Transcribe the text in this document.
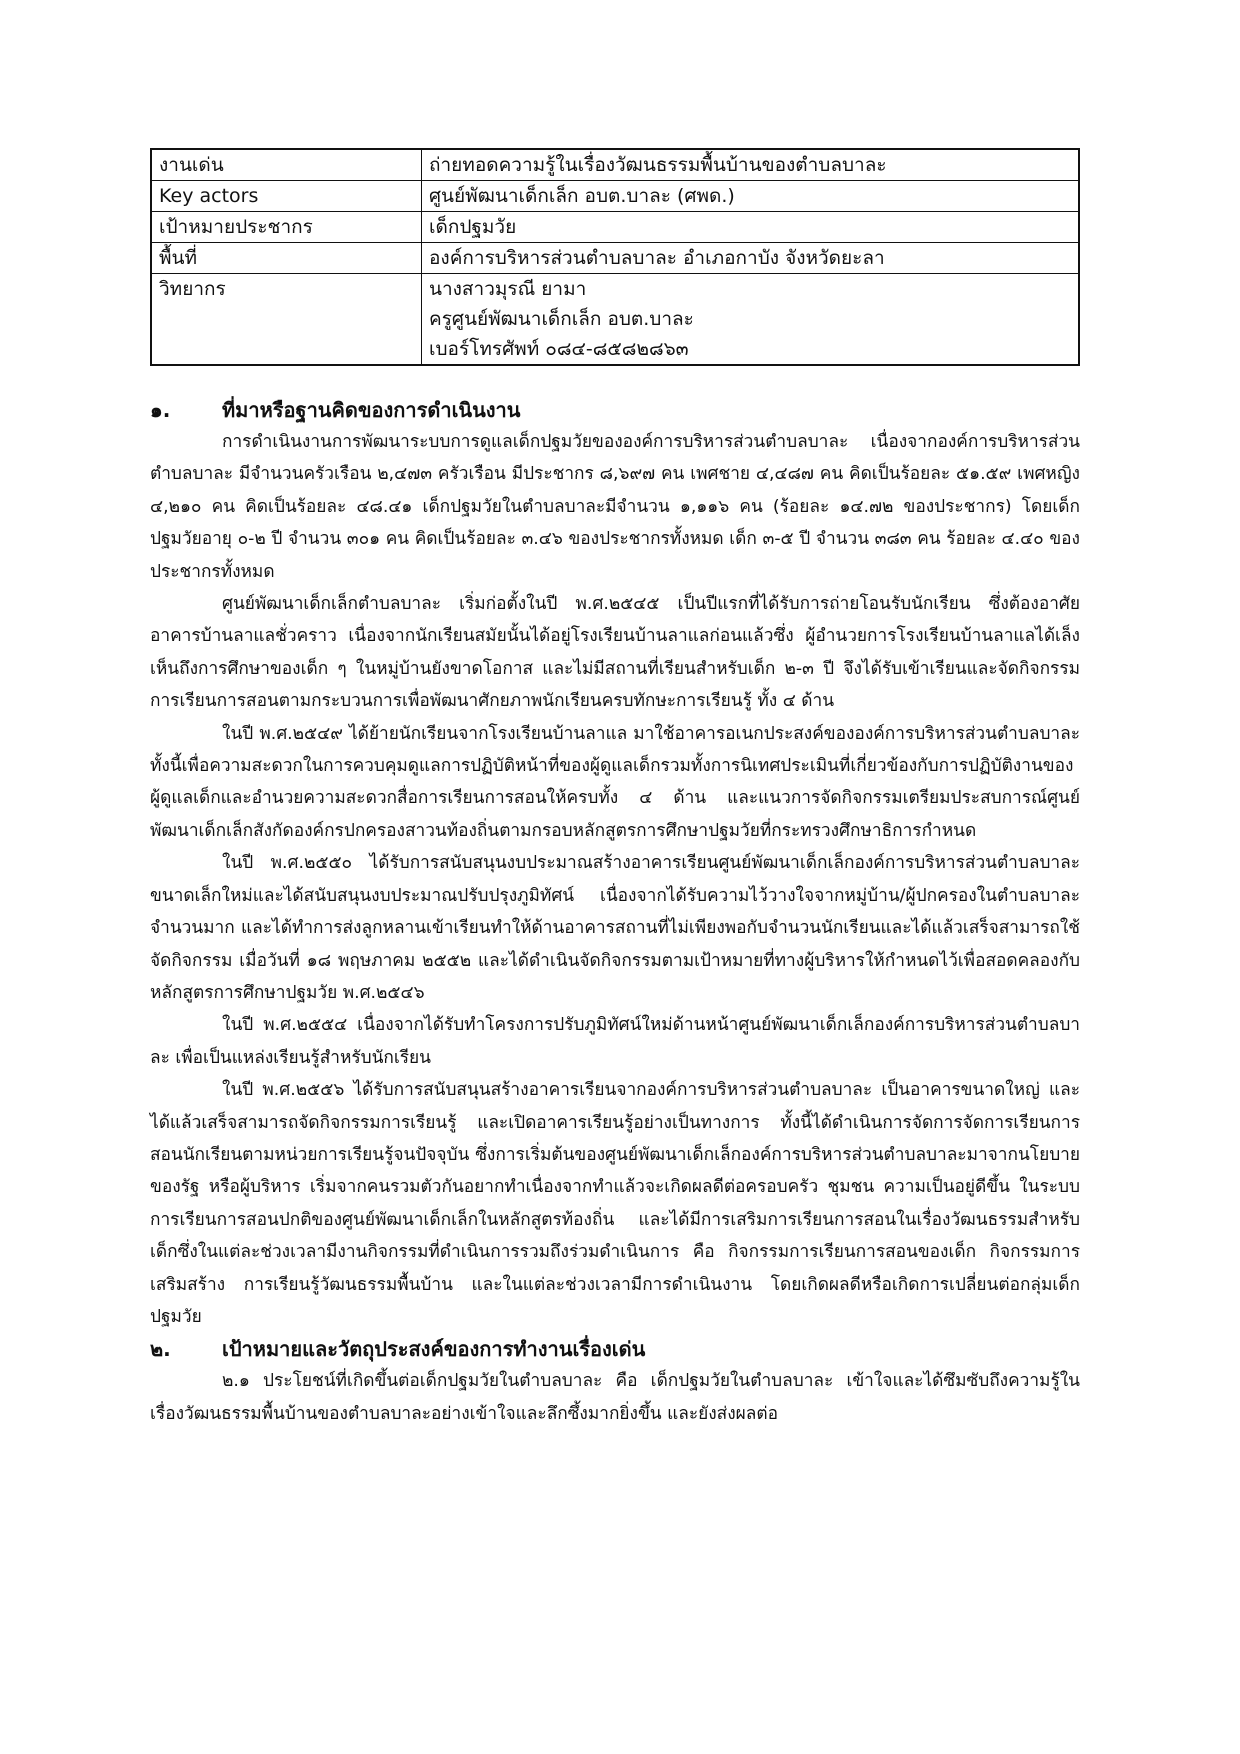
งานเด่น	ถ่ายทอดความรู้ในเรื่องวัฒนธรรมพื้นบ้านของตำบลบาละ
Key actors	ศูนย์พัฒนาเด็กเล็ก อบต.บาละ (ศพด.)
เป้าหมายประชากร	เด็กปฐมวัย
พื้นที่	องค์การบริหารส่วนตำบลบาละ อำเภอกาบัง จังหวัดยะลา
วิทยากร	นางสาวมุรณี ยามา
ครูศูนย์พัฒนาเด็กเล็ก อบต.บาละ
เบอร์โทรศัพท์ ๐๘๔-๘๕๘๒๘๖๓
๑.	ที่มาหรือฐานคิดของการดำเนินงาน

การดำเนินงานการพัฒนาระบบการดูแลเด็กปฐมวัยขององค์การบริหารส่วนตำบลบาละ เนื่องจากองค์การบริหารส่วนตำบลบาละ มีจำนวนครัวเรือน ๒,๔๗๓ ครัวเรือน มีประชากร ๘,๖๙๗ คน เพศชาย ๔,๔๘๗ คน คิดเป็นร้อยละ ๕๑.๕๙ เพศหญิง ๔,๒๑๐ คน คิดเป็นร้อยละ ๔๘.๔๑ เด็กปฐมวัยในตำบลบาละมีจำนวน ๑,๑๑๖ คน (ร้อยละ ๑๔.๗๒ ของประชากร) โดยเด็กปฐมวัยอายุ ๐-๒ ปี จำนวน ๓๐๑ คน คิดเป็นร้อยละ ๓.๔๖ ของประชากรทั้งหมด เด็ก ๓-๕ ปี จำนวน ๓๘๓ คน ร้อยละ ๔.๔๐ ของประชากรทั้งหมด

ศูนย์พัฒนาเด็กเล็กตำบลบาละ เริ่มก่อตั้งในปี พ.ศ.๒๕๔๕ เป็นปีแรกที่ได้รับการถ่ายโอนรับนักเรียน ซึ่งต้องอาศัยอาคารบ้านลาแลชั่วคราว เนื่องจากนักเรียนสมัยนั้นได้อยู่โรงเรียนบ้านลาแลก่อนแล้วซึ่ง ผู้อำนวยการโรงเรียนบ้านลาแลได้เล็งเห็นถึงการศึกษาของเด็ก ๆ ในหมู่บ้านยังขาดโอกาส และไม่มีสถานที่เรียนสำหรับเด็ก ๒-๓ ปี จึงได้รับเข้าเรียนและจัดกิจกรรมการเรียนการสอนตามกระบวนการเพื่อพัฒนาศักยภาพนักเรียนครบทักษะการเรียนรู้ ทั้ง ๔ ด้าน

ในปี พ.ศ.๒๕๔๙ ได้ย้ายนักเรียนจากโรงเรียนบ้านลาแล มาใช้อาคารอเนกประสงค์ขององค์การบริหารส่วนตำบลบาละ ทั้งนี้เพื่อความสะดวกในการควบคุมดูแลการปฏิบัติหน้าที่ของผู้ดูแลเด็กรวมทั้งการนิเทศประเมินที่เกี่ยวข้องกับการปฏิบัติงานของผู้ดูแลเด็กและอำนวยความสะดวกสื่อการเรียนการสอนให้ครบทั้ง ๔ ด้าน และแนวการจัดกิจกรรมเตรียมประสบการณ์ศูนย์พัฒนาเด็กเล็กสังกัดองค์กรปกครองสาวนท้องถิ่นตามกรอบหลักสูตรการศึกษาปฐมวัยที่กระทรวงศึกษาธิการกำหนด

ในปี พ.ศ.๒๕๕๐ ได้รับการสนับสนุนงบประมาณสร้างอาคารเรียนศูนย์พัฒนาเด็กเล็กองค์การบริหารส่วนตำบลบาละขนาดเล็กใหม่และได้สนับสนุนงบประมาณปรับปรุงภูมิทัศน์ เนื่องจากได้รับความไว้วางใจจากหมู่บ้าน/ผู้ปกครองในตำบลบาละจำนวนมาก และได้ทำการส่งลูกหลานเข้าเรียนทำให้ด้านอาคารสถานที่ไม่เพียงพอกับจำนวนนักเรียนและได้แล้วเสร็จสามารถใช้จัดกิจกรรม เมื่อวันที่ ๑๘ พฤษภาคม ๒๕๕๒ และได้ดำเนินจัดกิจกรรมตามเป้าหมายที่ทางผู้บริหารให้กำหนดไว้เพื่อสอดคลองกับหลักสูตรการศึกษาปฐมวัย พ.ศ.๒๕๔๖

ในปี พ.ศ.๒๕๕๔ เนื่องจากได้รับทำโครงการปรับภูมิทัศน์ใหม่ด้านหน้าศูนย์พัฒนาเด็กเล็กองค์การบริหารส่วนตำบลบาละ เพื่อเป็นแหล่งเรียนรู้สำหรับนักเรียน

ในปี พ.ศ.๒๕๕๖ ได้รับการสนับสนุนสร้างอาคารเรียนจากองค์การบริหารส่วนตำบลบาละ เป็นอาคารขนาดใหญ่ และได้แล้วเสร็จสามารถจัดกิจกรรมการเรียนรู้ และเปิดอาคารเรียนรู้อย่างเป็นทางการ ทั้งนี้ได้ดำเนินการจัดการจัดการเรียนการสอนนักเรียนตามหน่วยการเรียนรู้จนปัจจุบัน ซึ่งการเริ่มต้นของศูนย์พัฒนาเด็กเล็กองค์การบริหารส่วนตำบลบาละมาจากนโยบายของรัฐ หรือผู้บริหาร เริ่มจากคนรวมตัวกันอยากทำเนื่องจากทำแล้วจะเกิดผลดีต่อครอบครัว ชุมชน ความเป็นอยู่ดีขึ้น ในระบบการเรียนการสอนปกติของศูนย์พัฒนาเด็กเล็กในหลักสูตรท้องถิ่น และได้มีการเสริมการเรียนการสอนในเรื่องวัฒนธรรมสำหรับเด็กซึ่งในแต่ละช่วงเวลามีงานกิจกรรมที่ดำเนินการรวมถึงร่วมดำเนินการ คือ กิจกรรมการเรียนการสอนของเด็ก กิจกรรมการเสริมสร้าง การเรียนรู้วัฒนธรรมพื้นบ้าน และในแต่ละช่วงเวลามีการดำเนินงาน โดยเกิดผลดีหรือเกิดการเปลี่ยนต่อกลุ่มเด็กปฐมวัย

๒.	เป้าหมายและวัตถุประสงค์ของการทำงานเรื่องเด่น

๒.๑ ประโยชน์ที่เกิดขึ้นต่อเด็กปฐมวัยในตำบลบาละ คือ เด็กปฐมวัยในตำบลบาละ เข้าใจและได้ซึมซับถึงความรู้ในเรื่องวัฒนธรรมพื้นบ้านของตำบลบาละอย่างเข้าใจและลึกซึ้งมากยิ่งขึ้น และยังส่งผลต่อ
